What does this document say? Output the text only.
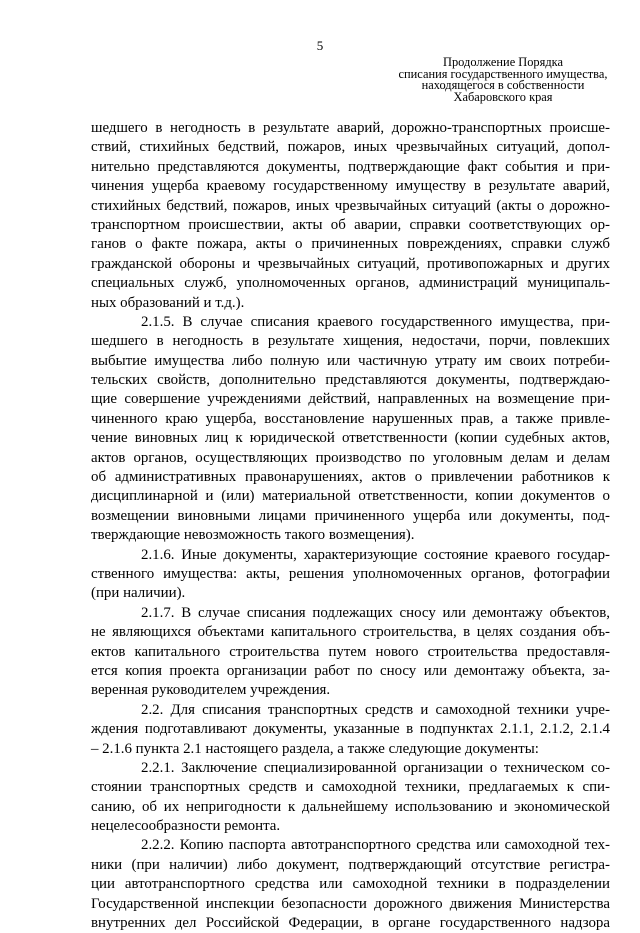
5
Продолжение Порядка
списания государственного имущества,
находящегося в собственности
Хабаровского края
шедшего в негодность в результате аварий, дорожно-транспортных происше-
ствий, стихийных бедствий, пожаров, иных чрезвычайных ситуаций, допол-
нительно представляются документы, подтверждающие факт события и при-
чинения ущерба краевому государственному имуществу в результате аварий,
стихийных бедствий, пожаров, иных чрезвычайных ситуаций (акты о дорожно-
транспортном происшествии, акты об аварии, справки соответствующих ор-
ганов о факте пожара, акты о причиненных повреждениях, справки служб
гражданской обороны и чрезвычайных ситуаций, противопожарных и других
специальных служб, уполномоченных органов, администраций муниципаль-
ных образований и т.д.).
2.1.5. В случае списания краевого государственного имущества, при-
шедшего в негодность в результате хищения, недостачи, порчи, повлекших
выбытие имущества либо полную или частичную утрату им своих потреби-
тельских свойств, дополнительно представляются документы, подтверждаю-
щие совершение учреждениями действий, направленных на возмещение при-
чиненного краю ущерба, восстановление нарушенных прав, а также привле-
чение виновных лиц к юридической ответственности (копии судебных актов,
актов органов, осуществляющих производство по уголовным делам и делам
об административных правонарушениях, актов о привлечении работников к
дисциплинарной и (или) материальной ответственности, копии документов о
возмещении виновными лицами причиненного ущерба или документы, под-
тверждающие невозможность такого возмещения).
2.1.6. Иные документы, характеризующие состояние краевого государ-
ственного имущества: акты, решения уполномоченных органов, фотографии
(при наличии).
2.1.7. В случае списания подлежащих сносу или демонтажу объектов,
не являющихся объектами капитального строительства, в целях создания объ-
ектов капитального строительства путем нового строительства предоставля-
ется копия проекта организации работ по сносу или демонтажу объекта, за-
веренная руководителем учреждения.
2.2. Для списания транспортных средств и самоходной техники учре-
ждения подготавливают документы, указанные в подпунктах 2.1.1, 2.1.2, 2.1.4
– 2.1.6 пункта 2.1 настоящего раздела, а также следующие документы:
2.2.1. Заключение специализированной организации о техническом со-
стоянии транспортных средств и самоходной техники, предлагаемых к спи-
санию, об их непригодности к дальнейшему использованию и экономической
нецелесообразности ремонта.
2.2.2. Копию паспорта автотранспортного средства или самоходной тех-
ники (при наличии) либо документ, подтверждающий отсутствие регистра-
ции автотранспортного средства или самоходной техники в подразделении
Государственной инспекции безопасности дорожного движения Министерства
внутренних дел Российской Федерации, в органе государственного надзора
